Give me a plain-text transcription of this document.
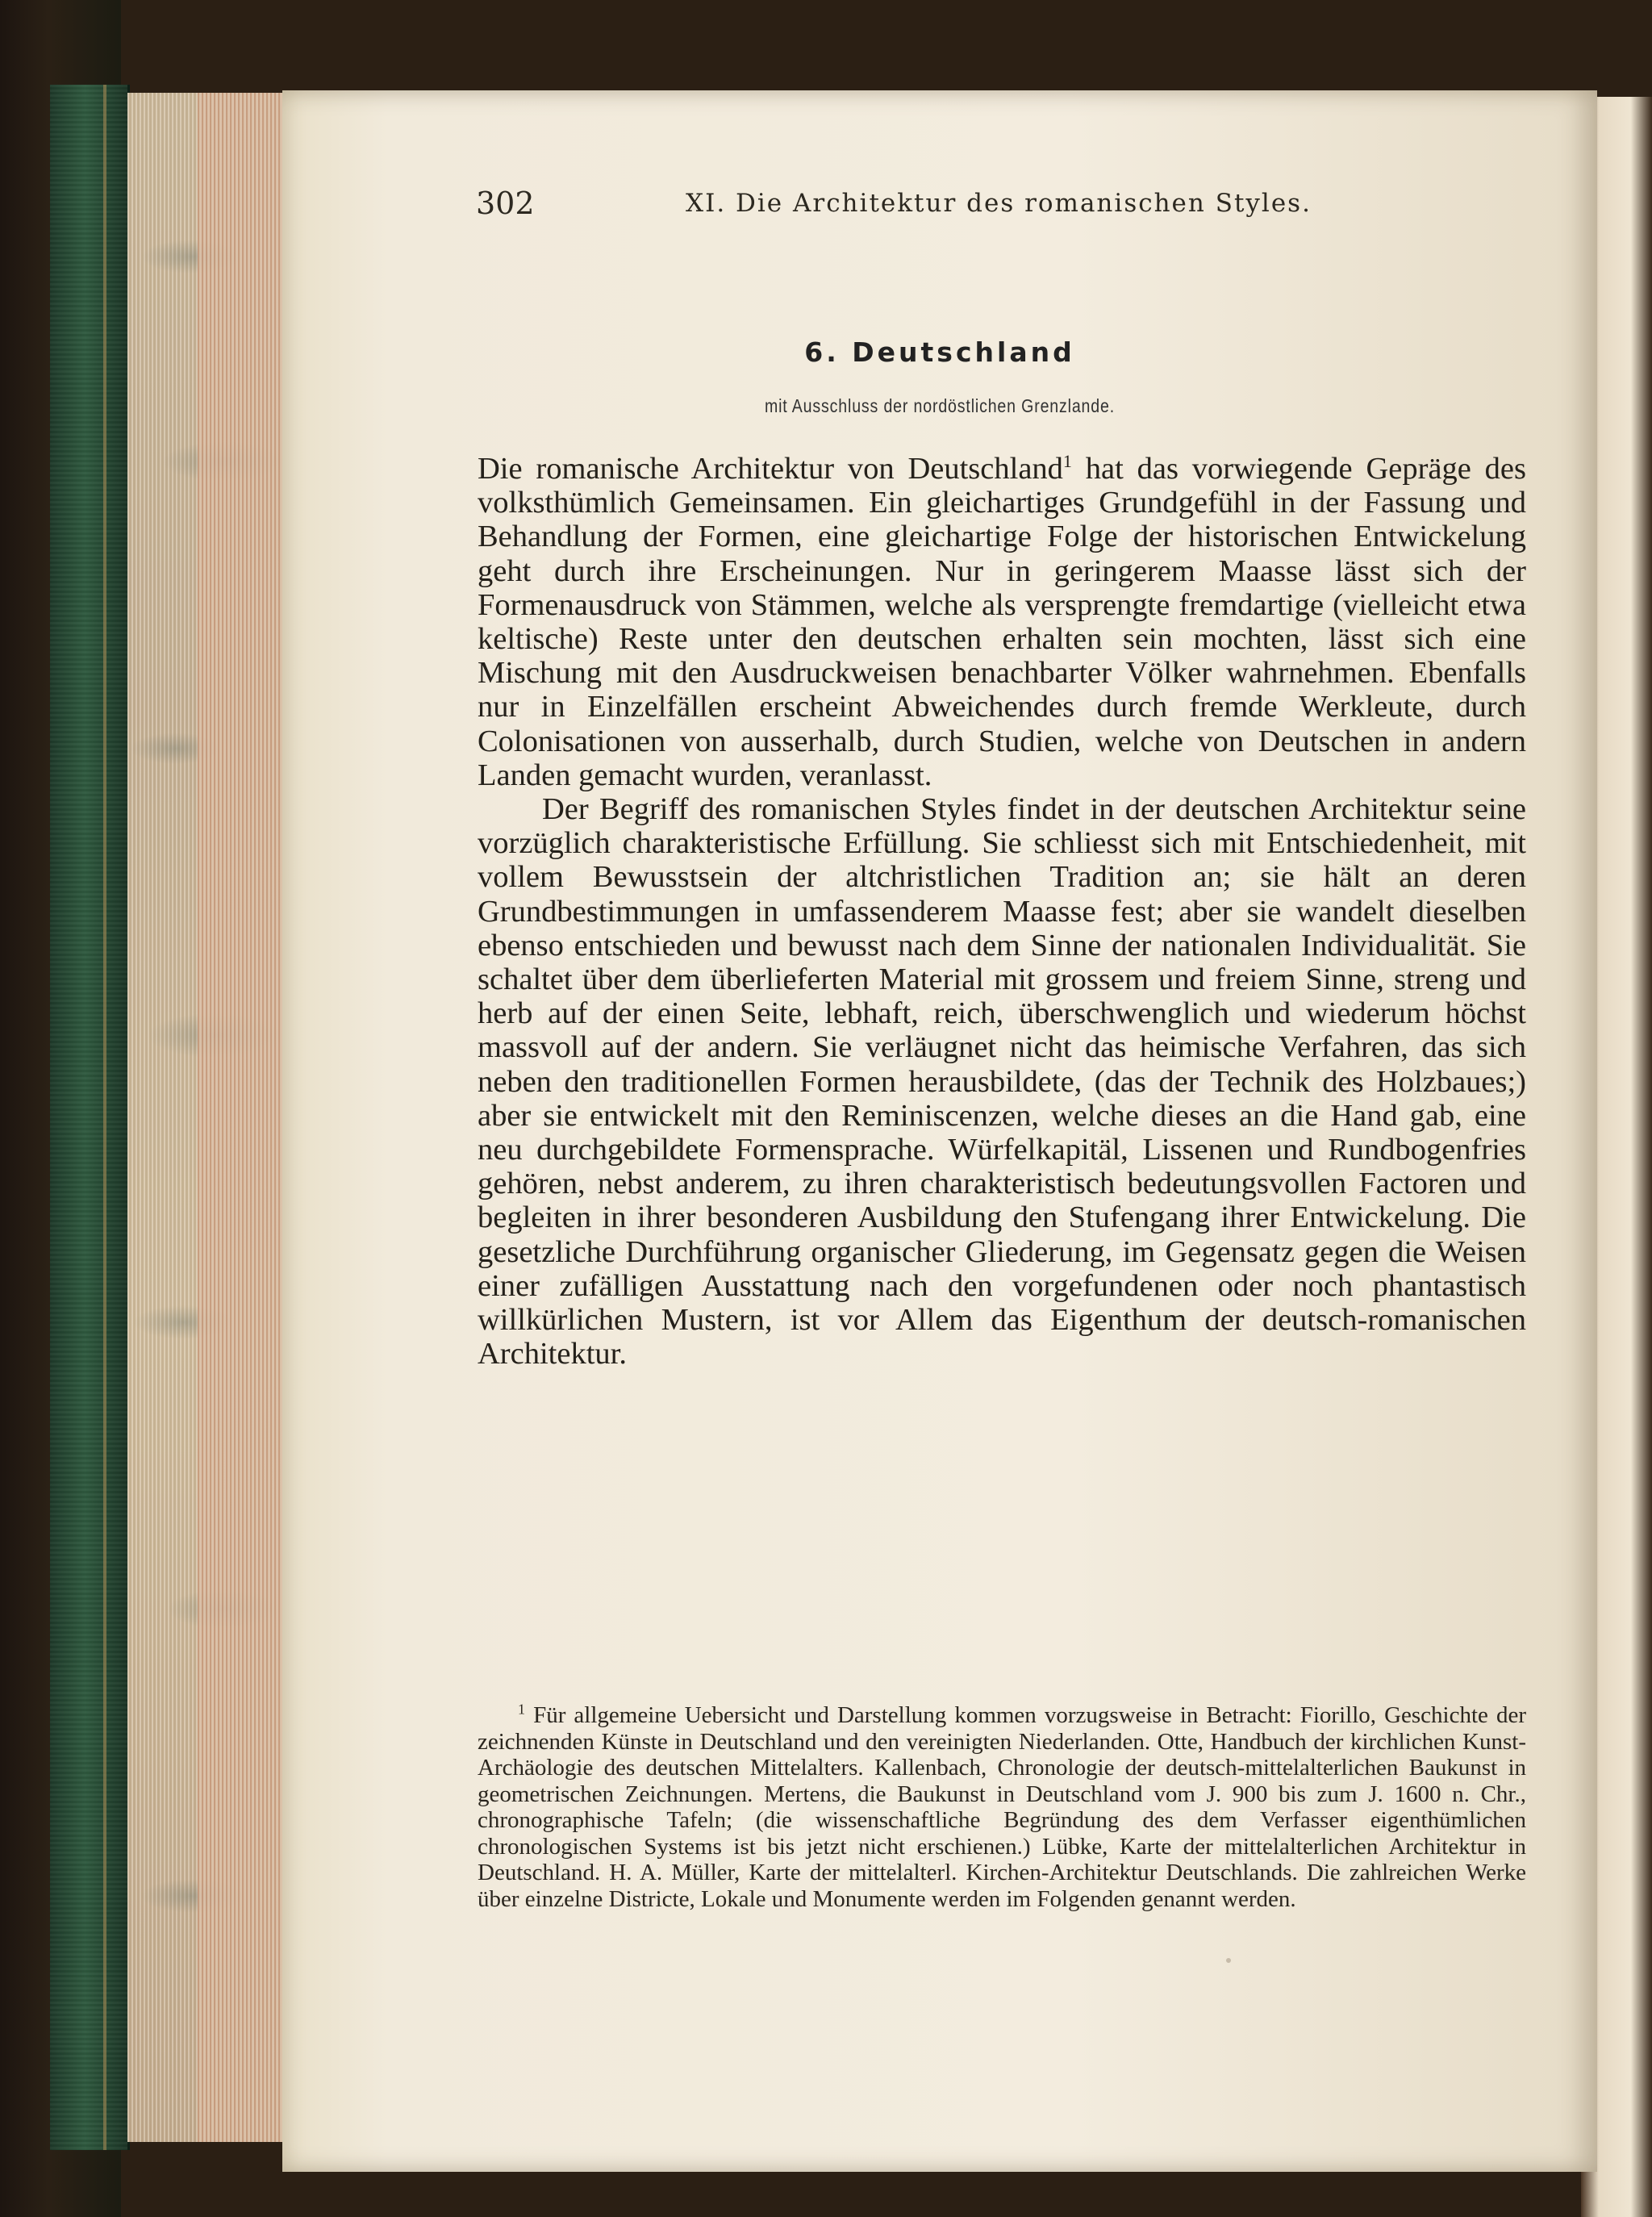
302	XI. Die Architektur des romanischen Styles.
6. Deutschland
mit Ausschluss der nordöstlichen Grenzlande.

Die romanische Architektur von Deutschland$^1$ hat das vorwiegende Gepräge des volksthümlich Gemeinsamen. Ein gleichartiges Grundgefühl in der Fassung und Behandlung der Formen, eine gleichartige Folge der historischen Entwickelung geht durch ihre Erscheinungen. Nur in geringerem Maasse lässt sich der Formenausdruck von Stämmen, welche als versprengte fremdartige (vielleicht etwa keltische) Reste unter den deutschen erhalten sein mochten, lässt sich eine Mischung mit den Ausdruckweisen benachbarter Völker wahrnehmen. Ebenfalls nur in Einzelfällen erscheint Abweichendes durch fremde Werkleute, durch Colonisationen von ausserhalb, durch Studien, welche von Deutschen in andern Landen gemacht wurden, veranlasst.

Der Begriff des romanischen Styles findet in der deutschen Architektur seine vorzüglich charakteristische Erfüllung. Sie schliesst sich mit Entschiedenheit, mit vollem Bewusstsein der altchristlichen Tradition an; sie hält an deren Grundbestimmungen in umfassenderem Maasse fest; aber sie wandelt dieselben ebenso entschieden und bewusst nach dem Sinne der nationalen Individualität. Sie schaltet über dem überlieferten Material mit grossem und freiem Sinne, streng und herb auf der einen Seite, lebhaft, reich, überschwenglich und wiederum höchst massvoll auf der andern. Sie verläugnet nicht das heimische Verfahren, das sich neben den traditionellen Formen herausbildete, (das der Technik des Holzbaues;) aber sie entwickelt mit den Reminiscenzen, welche dieses an die Hand gab, eine neu durchgebildete Formensprache. Würfelkapitäl, Lissenen und Rundbogenfries gehören, nebst anderem, zu ihren charakteristisch bedeutungsvollen Factoren und begleiten in ihrer besonderen Ausbildung den Stufengang ihrer Entwickelung. Die gesetzliche Durchführung organischer Gliederung, im Gegensatz gegen die Weisen einer zufälligen Ausstattung nach den vorgefundenen oder noch phantastisch willkürlichen Mustern, ist vor Allem das Eigenthum der deutsch-romanischen Architektur.

$^1$ Für allgemeine Uebersicht und Darstellung kommen vorzugsweise in Betracht: Fiorillo, Geschichte der zeichnenden Künste in Deutschland und den vereinigten Niederlanden. Otte, Handbuch der kirchlichen Kunst-Archäologie des deutschen Mittelalters. Kallenbach, Chronologie der deutsch-mittelalterlichen Baukunst in geometrischen Zeichnungen. Mertens, die Baukunst in Deutschland vom J. 900 bis zum J. 1600 n. Chr., chronographische Tafeln; (die wissenschaftliche Begründung des dem Verfasser eigenthümlichen chronologischen Systems ist bis jetzt nicht erschienen.) Lübke, Karte der mittelalterlichen Architektur in Deutschland. H. A. Müller, Karte der mittelalterl. Kirchen-Architektur Deutschlands. Die zahlreichen Werke über einzelne Districte, Lokale und Monumente werden im Folgenden genannt werden.
